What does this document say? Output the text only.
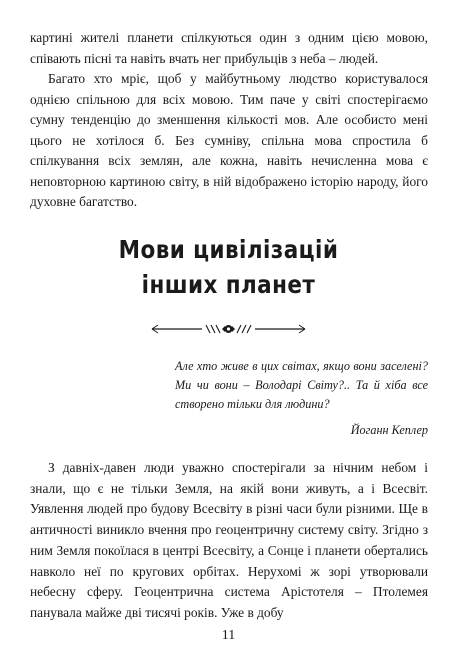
картині жителі планети спілкуються один з одним цією мовою, співають пісні та навіть вчать нег прибульців з неба – людей.

Багато хто мріє, щоб у майбутньому людство користувалося однією спільною для всіх мовою. Тим паче у світі спостерігаємо сумну тенденцію до зменшення кількості мов. Але особисто мені цього не хотілося б. Без сумніву, спільна мова спростила б спілкування всіх землян, але кожна, навіть нечисленна мова є неповторною картиною світу, в ній відображено історію народу, його духовне багатство.

Мови цивілізацій
інших планет

Але хто живе в цих світах, якщо вони заселені? Ми чи вони – Володарі Світу?.. Та й хіба все створено тільки для людини?

Йоганн Кеплер

З давніх-давен люди уважно спостерігали за нічним небом і знали, що є не тільки Земля, на якій вони живуть, а і Всесвіт. Уявлення людей про будову Всесвіту в різні часи були різними. Ще в античності виникло вчення про геоцентричну систему світу. Згідно з ним Земля покоїлася в центрі Всесвіту, а Сонце і планети обертались навколо неї по кругових орбітах. Нерухомі ж зорі утворювали небесну сферу. Геоцентрична система Арістотеля – Птолемея панувала майже дві тисячі років. Уже в добу

11
